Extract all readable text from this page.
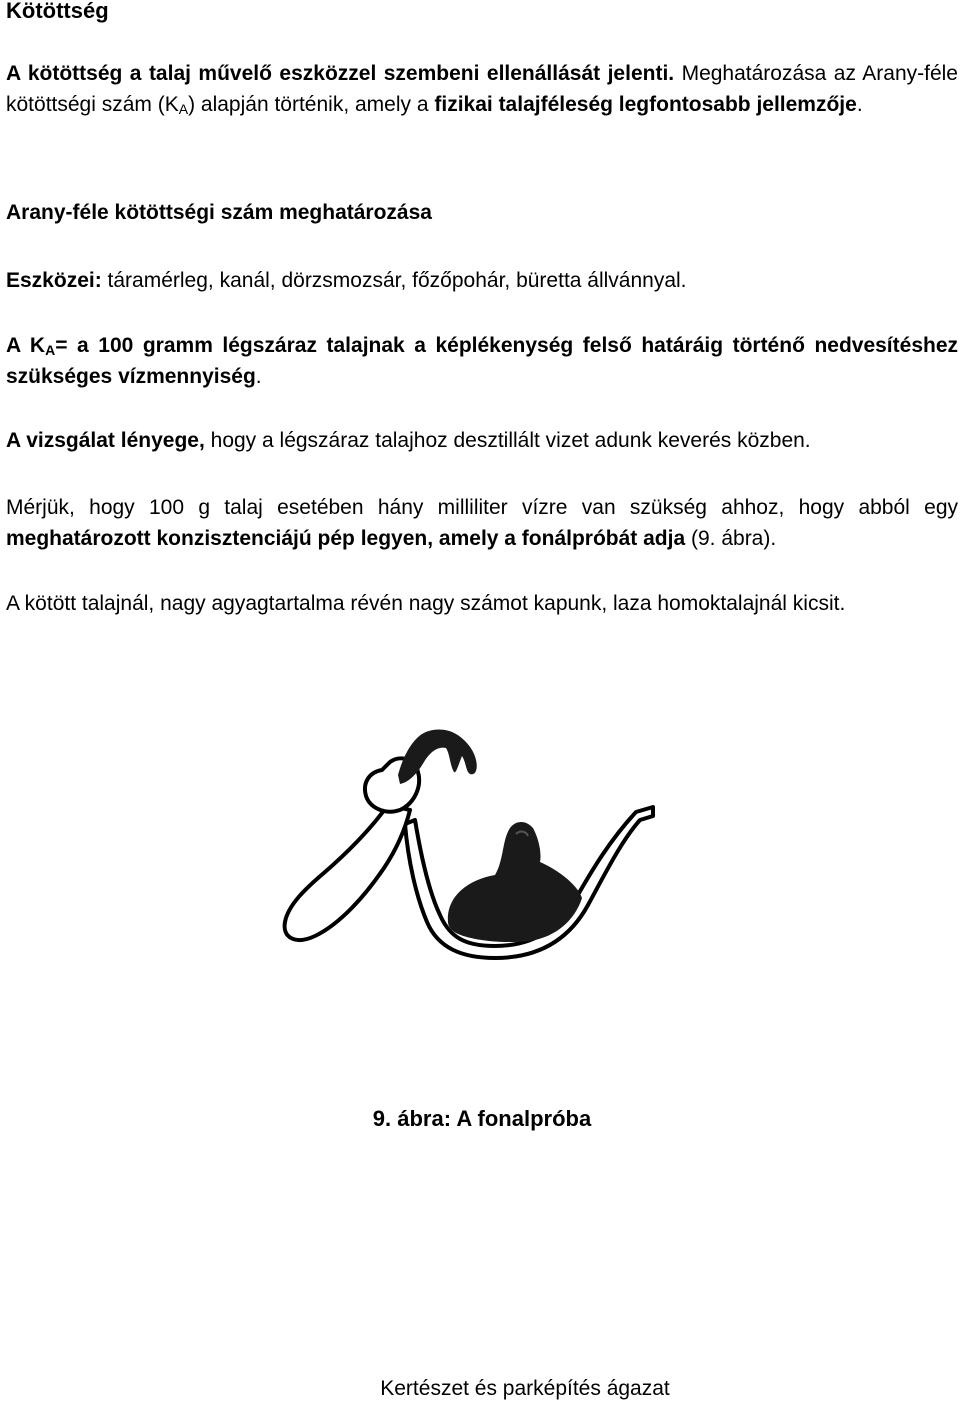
Kötöttség

A kötöttség a talaj művelő eszközzel szembeni ellenállását jelenti. Meghatározása az Arany-féle kötöttségi szám $(K_A)$ alapján történik, amely a fizikai talajféleség legfontosabb jellemzője.

Arany-féle kötöttségi szám meghatározása

Eszközei: táramérleg, kanál, dörzsmozsár, főzőpohár, büretta állvánnyal.

A $K_A= a$ 100 gramm légszáraz talajnak a képlékenység felső határáig történő nedvesítéshez szükséges vízmennyiség.

A vizsgálat lényege, hogy a légszáraz talajhoz desztillált vizet adunk keverés közben.

Mérjük, hogy 100 g talaj esetében hány milliliter vízre van szükség ahhoz, hogy abból egy meghatározott konzisztenciájú pép legyen, amely a fonálpróbát adja (9. ábra).

A kötött talajnál, nagy agyagtartalma révén nagy számot kapunk, laza homoktalajnál kicsit.

9. ábra: A fonalpróba
Kertészet és parképítés ágazat
